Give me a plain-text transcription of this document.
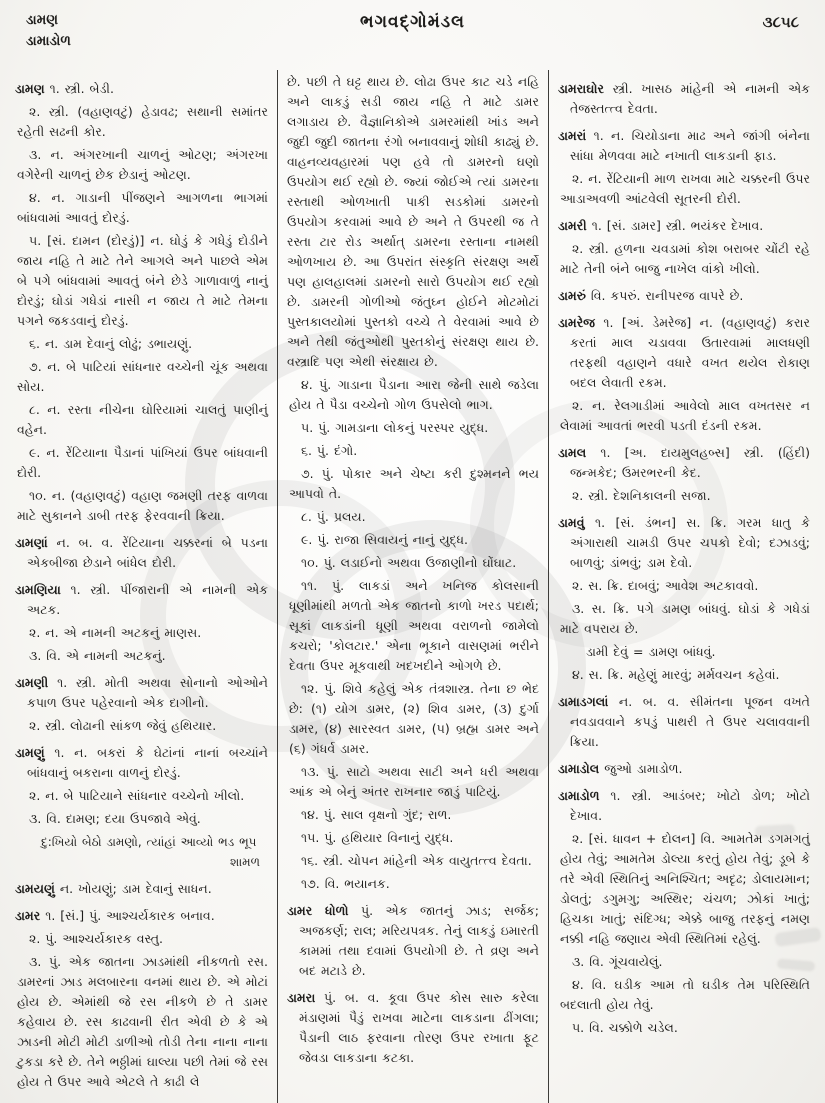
ડામણ
ડામાડોળ
ભગવદ્ગોમંડલ	૩૮૫૮

ડામણ ૧. સ્ત્રી. બેડી.

૨. સ્ત્રી. (વહાણવટું) હેડાવઢ; સથાની સમાંતર રહેતી સઢની કોર.

૩. ન. અંગરખાની ચાળનું ઓટણ; અંગરખા વગેરેની ચાળનું છેક છેડાનું ઓટણ.

૪. ન. ગાડાની પીંજણને આગળના ભાગમાં બાંધવામાં આવતું દોરડું.

૫. [સં. દામન (દોરડું)] ન. ઘોડું કે ગધેડું દોડીને જાય નહિ તે માટે તેને આગલે અને પાછલે એમ બે પગે બાંધવામાં આવતું બંને છેડે ગાળાવાળું નાનું દોરડું; ઘોડાં ગધેડાં નાસી ન જાય તે માટે તેમના પગને જકડવાનું દોરડું.

૬. ન. ડામ દેવાનું લોઢું; ડભાયણું.

૭. ન. બે પાટિયાં સાંધનાર વચ્ચેની ચૂંક અથવા સોય.

૮. ન. રસ્તા નીચેના ઘોરિયામાં ચાલતું પાણીનું વહેન.

૯. ન. રેંટિયાના પૈડાનાં પાંખિયાં ઉપર બાંધવાની દોરી.

૧૦. ન. (વહાણવટું) વહાણ જમણી તરફ વાળવા માટે સુકાનને ડાબી તરફ ફેરવવાની ક્રિયા.

ડામણાં ન. બ. વ. રેંટિયાના ચક્કરનાં બે પડના એકબીજા છેડાને બાંધેલ દોરી.

ડામણિયા ૧. સ્ત્રી. પીંજારાની એ નામની એક અટક.

૨. ન. એ નામની અટકનું માણસ.

૩. વિ. એ નામની અટકનું.

ડામણી ૧. સ્ત્રી. મોતી અથવા સોનાનો ઓઓને કપાળ ઉપર પહેરવાનો એક દાગીનો.

૨. સ્ત્રી. લોઢાની સાંકળ જેવું હથિયાર.

ડામણું ૧. ન. બકરાં કે ઘેટાંનાં નાનાં બચ્ચાંને બાંધવાનું બકરાના વાળનું દોરડું.

૨. ન. બે પાટિયાને સાંધનાર વચ્ચેનો ખીલો.

૩. વિ. દામણ; દયા ઉપજાવે એવું.

દુ:ખિયો બેઠો ડામણો, ત્યાંહાં આવ્યો ભડ ભૂપ

શામળ

ડામયણું ન. ખોયણું; ડામ દેવાનું સાધન.

ડામર ૧. [સં.] પું. આશ્ચર્યકારક બનાવ.

૨. પું. આશ્ચર્યકારક વસ્તુ.

૩. પું. એક જાતના ઝાડમાંથી નીકળતો રસ. ડામરનાં ઝાડ મલબારના વનમાં થાય છે. એ મોટાં હોય છે. એમાંથી જે રસ નીકળે છે તે ડામર કહેવાય છે. રસ કાઢવાની રીત એવી છે કે એ ઝાડની મોટી મોટી ડાળીઓ તોડી તેના નાના નાના ટુકડા કરે છે. તેને ભઠ્ઠીમાં ઘાલ્યા પછી તેમાં જે રસ હોય તે ઉપર આવે એટલે તે કાઢી લે

છે. પછી તે ઘટ્ટ થાય છે. લોઢા ઉપર કાટ ચડે નહિ અને લાકડું સડી જાય નહિ તે માટે ડામર લગાડાય છે. વૈજ્ઞાનિકોએ ડામરમાંથી ખાંડ અને જુદી જુદી જાતના રંગો બનાવવાનું શોધી કાઢ્યું છે. વાહનવ્યવહારમાં પણ હવે તો ડામરનો ઘણો ઉપયોગ થઈ રહ્યો છે. જ્યાં જોઈએ ત્યાં ડામરના રસ્તાથી ઓળખાતી પાકી સડકોમાં ડામરનો ઉપયોગ કરવામાં આવે છે અને તે ઉપરથી જ તે રસ્તા ટાર રોડ અર્થાત્ ડામરના રસ્તાના નામથી ઓળખાય છે. આ ઉપરાંત સંસ્કૃતિ સંરક્ષણ અર્થે પણ હાલહાલમાં ડામરનો સારો ઉપયોગ થઈ રહ્યો છે. ડામરની ગોળીઓ જંતુઘ્ન હોઈને મોટમોટાં પુસ્તકાલયોમાં પુસ્તકો વચ્ચે તે વેરવામાં આવે છે અને તેથી જંતુઓથી પુસ્તકોનું સંરક્ષણ થાય છે. વસ્ત્રાદિ પણ એથી સંરક્ષાય છે.

૪. પું. ગાડાના પૈડાના આરા જેની સાથે જડેલા હોય તે પૈડા વચ્ચેનો ગોળ ઉપસેલો ભાગ.

૫. પું. ગામડાના લોકનું પરસ્પર યુદ્ધ.

૬. પું. દંગો.

૭. પું. પોકાર અને ચેષ્ટા કરી દુશ્મનને ભય આપવો તે.

૮. પું. પ્રલય.

૯. પું. રાજા સિવાયનું નાનું યુદ્ધ.

૧૦. પું. લડાઈનો અથવા ઉજાણીનો ઘોંઘાટ.

૧૧. પું. લાકડાં અને ખનિજ કોલસાની ધૂણીમાંથી મળતો એક જાતનો કાળો ખરડ પદાર્થ; સૂકાં લાકડાંની ધૂણી અથવા વરાળનો જામેલો કચરો; 'કોલટાર.' એના ભૂકાને વાસણમાં ભરીને દેવતા ઉપર મૂકવાથી ખદખદીને ઓગળે છે.

૧૨. પું. શિવે કહેલું એક તંત્રશાસ્ત્ર. તેના છ ભેદ છે: (૧) યોગ ડામર, (૨) શિવ ડામર, (૩) દુર્ગા ડામર, (૪) સારસ્વત ડામર, (૫) બ્રહ્મ ડામર અને (૬) ગંધર્વ ડામર.

૧૩. પું. સાટો અથવા સાટી અને ધરી અથવા આંક એ બેનું અંતર રાખનાર જાડું પાટિયું.

૧૪. પું. સાલ વૃક્ષનો ગુંદ; રાળ.

૧૫. પું. હથિયાર વિનાનું યુદ્ધ.

૧૬. સ્ત્રી. ચોપન માંહેની એક વાયુતત્ત્વ દેવતા.

૧૭. વિ. ભયાનક.

ડામર ધોળો પું. એક જાતનું ઝાડ; સર્જક; અજકર્ણ; રાલ; મરિયપત્રક. તેનું લાકડું ઇમારતી કામમાં તથા દવામાં ઉપયોગી છે. તે વ્રણ અને બદ મટાડે છે.

ડામરા પું. બ. વ. કૂવા ઉપર કોસ સારુ કરેલા મંડાણમાં પૈડું રાખવા માટેના લાકડાના ઢીંગલા; પૈડાની લાઠ ફરવાના તોરણ ઉપર રખાતા ફૂટ જેવડા લાકડાના કટકા.

ડામરાઘોર સ્ત્રી. ખાસઠ માંહેની એ નામની એક તેજસ્તત્ત્વ દેવતા.

ડામરાં ૧. ન. ચિયોડાના માઢ અને જાંગી બંનેના સાંધા મેળવવા માટે નખાતી લાકડાની ફાડ.

૨. ન. રેંટિયાની માળ રાખવા માટે ચક્કરની ઉપર આડાઅવળી આંટવેલી સૂતરની દોરી.

ડામરી ૧. [સં. ડામર] સ્ત્રી. ભયંકર દેખાવ.

૨. સ્ત્રી. હળના ચવડામાં કોશ બરાબર ચોંટી રહે માટે તેની બંને બાજુ નાખેલ વાંકો ખીલો.

ડામરું વિ. કપરું. રાનીપરજ વાપરે છે.

ડામરેજ ૧. [અં. ડેમરેજ] ન. (વહાણવટું) કરાર કરતાં માલ ચડાવવા ઉતારવામાં માલધણી તરફથી વહાણને વધારે વખત થયેલ રોકાણ બદલ લેવાતી રકમ.

૨. ન. રેલગાડીમાં આવેલો માલ વખતસર ન લેવામાં આવતાં ભરવી પડતી દંડની રકમ.

ડામલ ૧. [અ. દાયમુલહબ્સ] સ્ત્રી. (હિંદી) જન્મકેદ; ઉમરભરની કેદ.

૨. સ્ત્રી. દેશનિકાલની સજા.

ડામવું ૧. [સં. ડંભન] સ. ક્રિ. ગરમ ધાતુ કે અંગારાથી ચામડી ઉપર ચપકો દેવો; દઝાડવું; બાળવું; ડાંભવું; ડામ દેવો.

૨. સ. ક્રિ. દાબવું; આવેશ અટકાવવો.

૩. સ. ક્રિ. પગે ડામણ બાંધવું. ઘોડાં કે ગધેડાં માટે વપરાય છે.

ડામી દેવું = ડામણ બાંધવું.

૪. સ. ક્રિ. મહેણું મારવું; મર્મવચન કહેવાં.

ડામાડગલાં ન. બ. વ. સીમંતના પૂજન વખતે નવડાવવાને કપડું પાથરી તે ઉપર ચલાવવાની ક્રિયા.

ડામાડોલ જુઓ ડામાડોળ.

ડામાડોળ ૧. સ્ત્રી. આડંબર; ખોટો ડોળ; ખોટો દેખાવ.

૨. [સં. ધાવન + દોલન] વિ. આમતેમ ડગમગતું હોય તેવું; આમતેમ ડોલ્યા કરતું હોય તેવું; ડૂબે કે તરે એવી સ્થિતિનું અનિશ્ચિત; અદૃઢ; ડોલાયમાન; ડોલતું; ડગુમગુ; અસ્થિર; ચંચળ; ઝોકાં ખાતું; હિચકા ખાતું; સંદિગ્ધ; એક્કે બાજુ તરફનું નમણ નક્કી નહિ જણાય એવી સ્થિતિમાં રહેલું.

૩. વિ. ગૂંચવાયેલું.

૪. વિ. ઘડીક આમ તો ઘડીક તેમ પરિસ્થિતિ બદલાતી હોય તેવું.

૫. વિ. ચક્કોળે ચડેલ.
